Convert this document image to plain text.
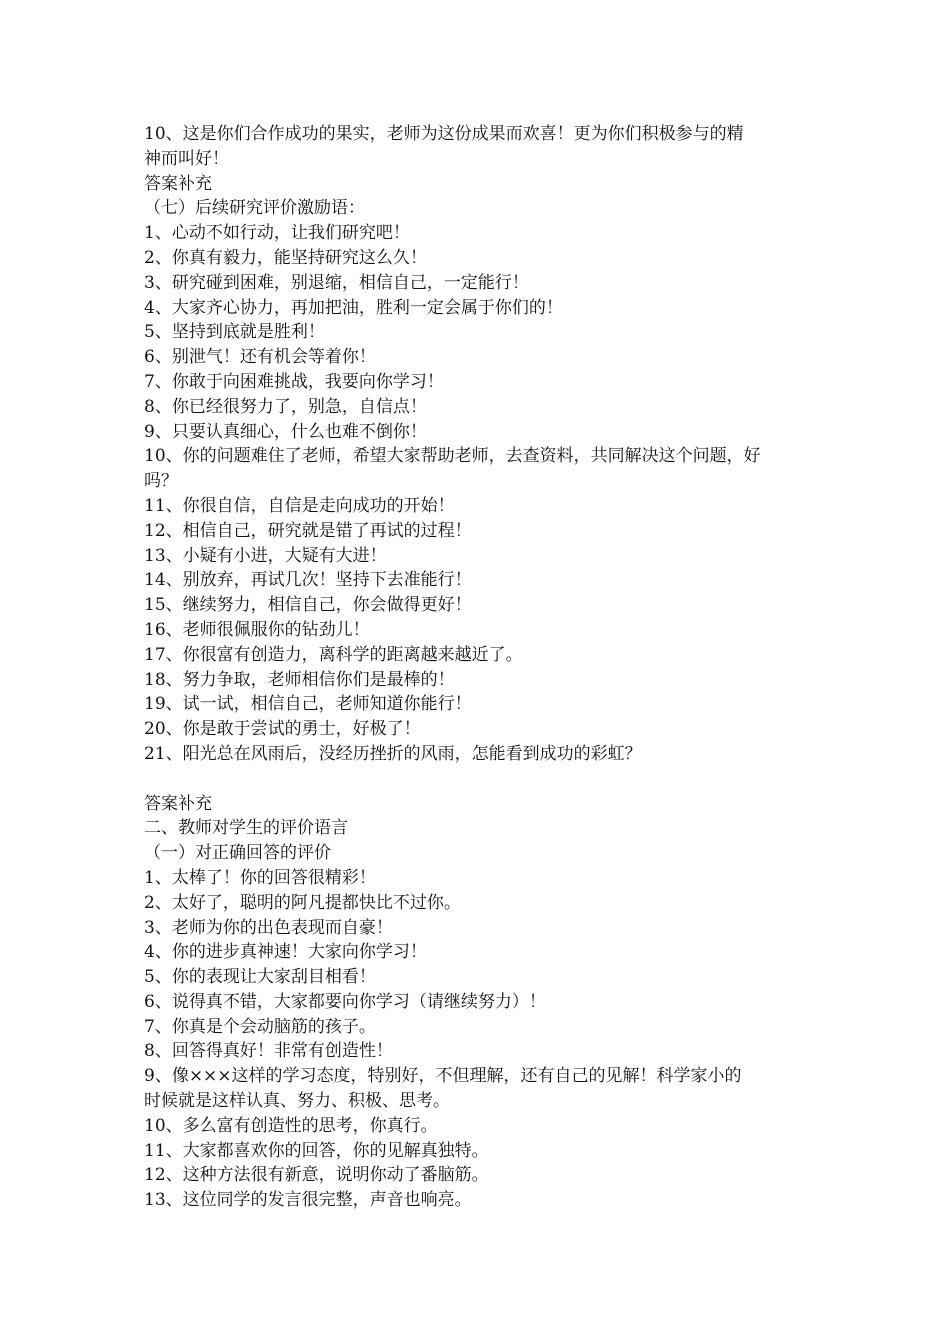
10、这是你们合作成功的果实，老师为这份成果而欢喜！更为你们积极参与的精
神而叫好！
答案补充
（七）后续研究评价激励语：
1、心动不如行动，让我们研究吧！
2、你真有毅力，能坚持研究这么久！
3、研究碰到困难，别退缩，相信自己，一定能行！
4、大家齐心协力，再加把油，胜利一定会属于你们的！
5、坚持到底就是胜利！
6、别泄气！还有机会等着你！
7、你敢于向困难挑战，我要向你学习！
8、你已经很努力了，别急，自信点！
9、只要认真细心，什么也难不倒你！
10、你的问题难住了老师，希望大家帮助老师，去查资料，共同解决这个问题，好
吗？
11、你很自信，自信是走向成功的开始！
12、相信自己，研究就是错了再试的过程！
13、小疑有小进，大疑有大进！
14、别放弃，再试几次！坚持下去准能行！
15、继续努力，相信自己，你会做得更好！
16、老师很佩服你的钻劲儿！
17、你很富有创造力，离科学的距离越来越近了。
18、努力争取，老师相信你们是最棒的！
19、试一试，相信自己，老师知道你能行！
20、你是敢于尝试的勇士，好极了！
21、阳光总在风雨后，没经历挫折的风雨，怎能看到成功的彩虹？
答案补充
二、教师对学生的评价语言
（一）对正确回答的评价
1、太棒了！你的回答很精彩！
2、太好了，聪明的阿凡提都快比不过你。
3、老师为你的出色表现而自豪！
4、你的进步真神速！大家向你学习！
5、你的表现让大家刮目相看！
6、说得真不错，大家都要向你学习（请继续努力）！
7、你真是个会动脑筋的孩子。
8、回答得真好！非常有创造性！
9、像×××这样的学习态度，特别好，不但理解，还有自己的见解！科学家小的
时候就是这样认真、努力、积极、思考。
10、多么富有创造性的思考，你真行。
11、大家都喜欢你的回答，你的见解真独特。
12、这种方法很有新意，说明你动了番脑筋。
13、这位同学的发言很完整，声音也响亮。
